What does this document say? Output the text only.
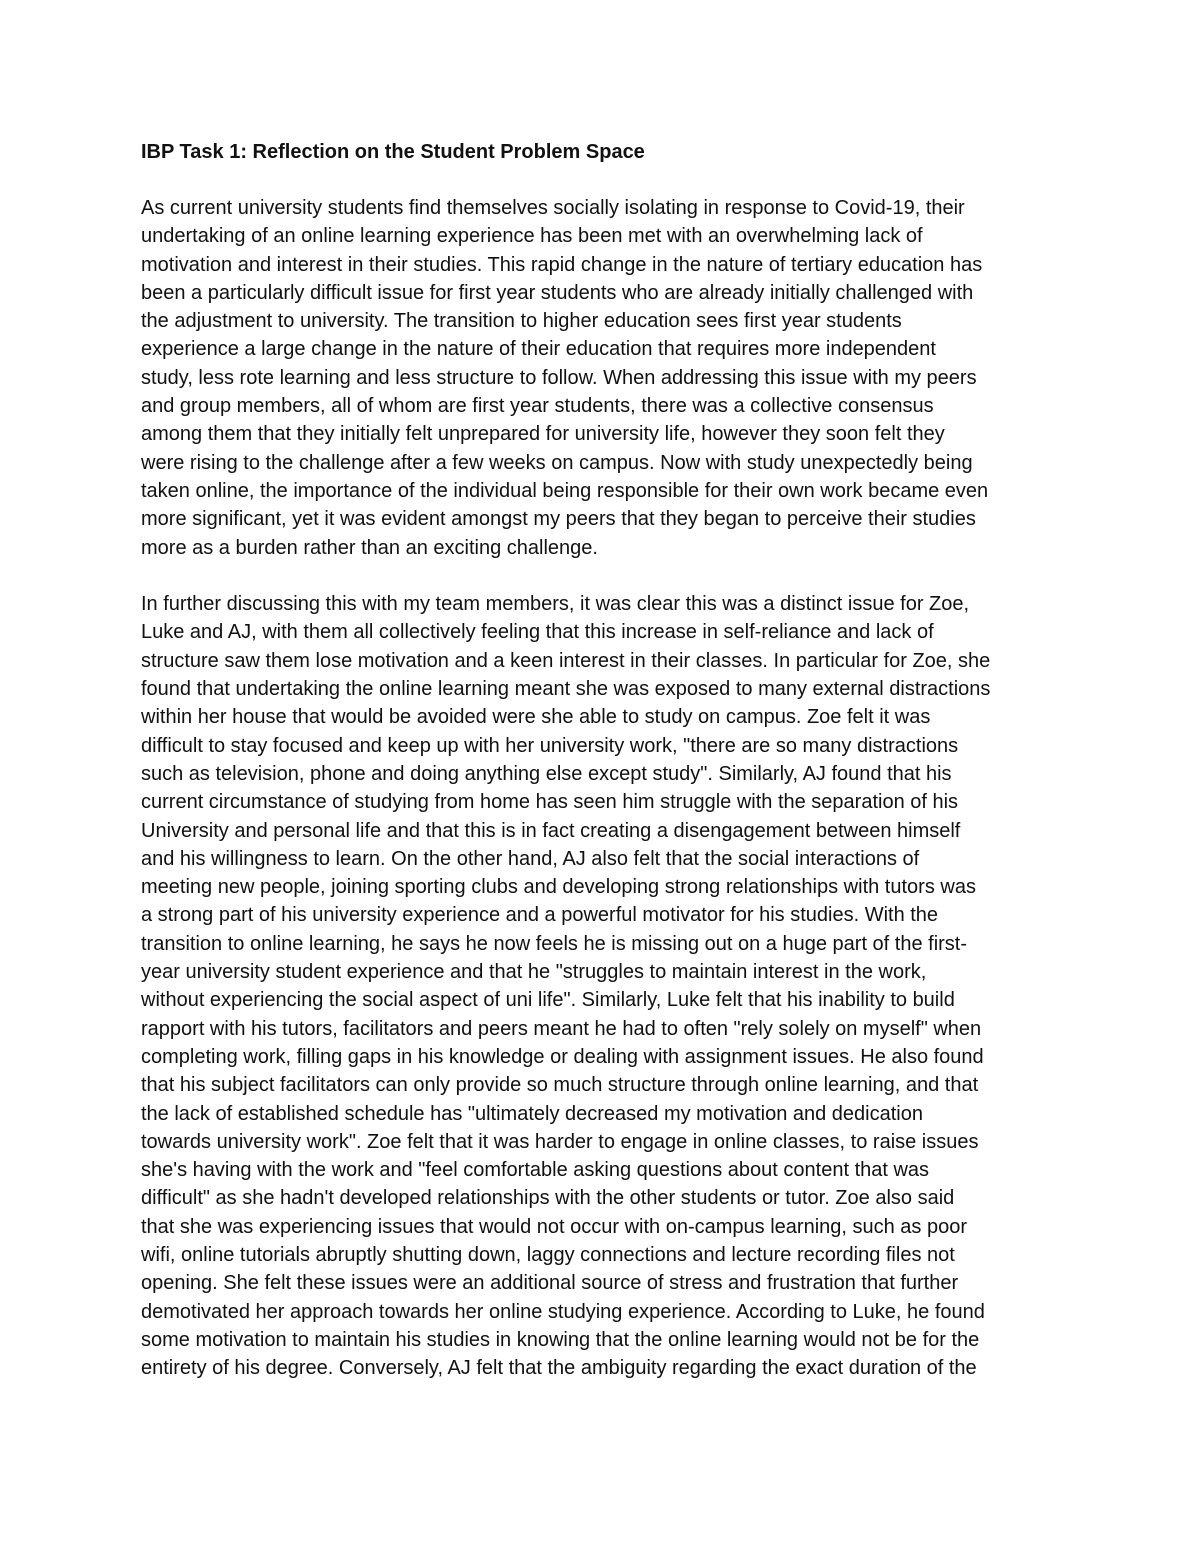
IBP Task 1: Reflection on the Student Problem Space

As current university students find themselves socially isolating in response to Covid-19, their
undertaking of an online learning experience has been met with an overwhelming lack of
motivation and interest in their studies. This rapid change in the nature of tertiary education has
been a particularly difficult issue for first year students who are already initially challenged with
the adjustment to university. The transition to higher education sees first year students
experience a large change in the nature of their education that requires more independent
study, less rote learning and less structure to follow. When addressing this issue with my peers
and group members, all of whom are first year students, there was a collective consensus
among them that they initially felt unprepared for university life, however they soon felt they
were rising to the challenge after a few weeks on campus. Now with study unexpectedly being
taken online, the importance of the individual being responsible for their own work became even
more significant, yet it was evident amongst my peers that they began to perceive their studies
more as a burden rather than an exciting challenge.

In further discussing this with my team members, it was clear this was a distinct issue for Zoe,
Luke and AJ, with them all collectively feeling that this increase in self-reliance and lack of
structure saw them lose motivation and a keen interest in their classes. In particular for Zoe, she
found that undertaking the online learning meant she was exposed to many external distractions
within her house that would be avoided were she able to study on campus. Zoe felt it was
difficult to stay focused and keep up with her university work, "there are so many distractions
such as television, phone and doing anything else except study". Similarly, AJ found that his
current circumstance of studying from home has seen him struggle with the separation of his
University and personal life and that this is in fact creating a disengagement between himself
and his willingness to learn. On the other hand, AJ also felt that the social interactions of
meeting new people, joining sporting clubs and developing strong relationships with tutors was
a strong part of his university experience and a powerful motivator for his studies. With the
transition to online learning, he says he now feels he is missing out on a huge part of the first-
year university student experience and that he "struggles to maintain interest in the work,
without experiencing the social aspect of uni life". Similarly, Luke felt that his inability to build
rapport with his tutors, facilitators and peers meant he had to often "rely solely on myself" when
completing work, filling gaps in his knowledge or dealing with assignment issues. He also found
that his subject facilitators can only provide so much structure through online learning, and that
the lack of established schedule has "ultimately decreased my motivation and dedication
towards university work". Zoe felt that it was harder to engage in online classes, to raise issues
she's having with the work and "feel comfortable asking questions about content that was
difficult" as she hadn't developed relationships with the other students or tutor. Zoe also said
that she was experiencing issues that would not occur with on-campus learning, such as poor
wifi, online tutorials abruptly shutting down, laggy connections and lecture recording files not
opening. She felt these issues were an additional source of stress and frustration that further
demotivated her approach towards her online studying experience. According to Luke, he found
some motivation to maintain his studies in knowing that the online learning would not be for the
entirety of his degree. Conversely, AJ felt that the ambiguity regarding the exact duration of the
